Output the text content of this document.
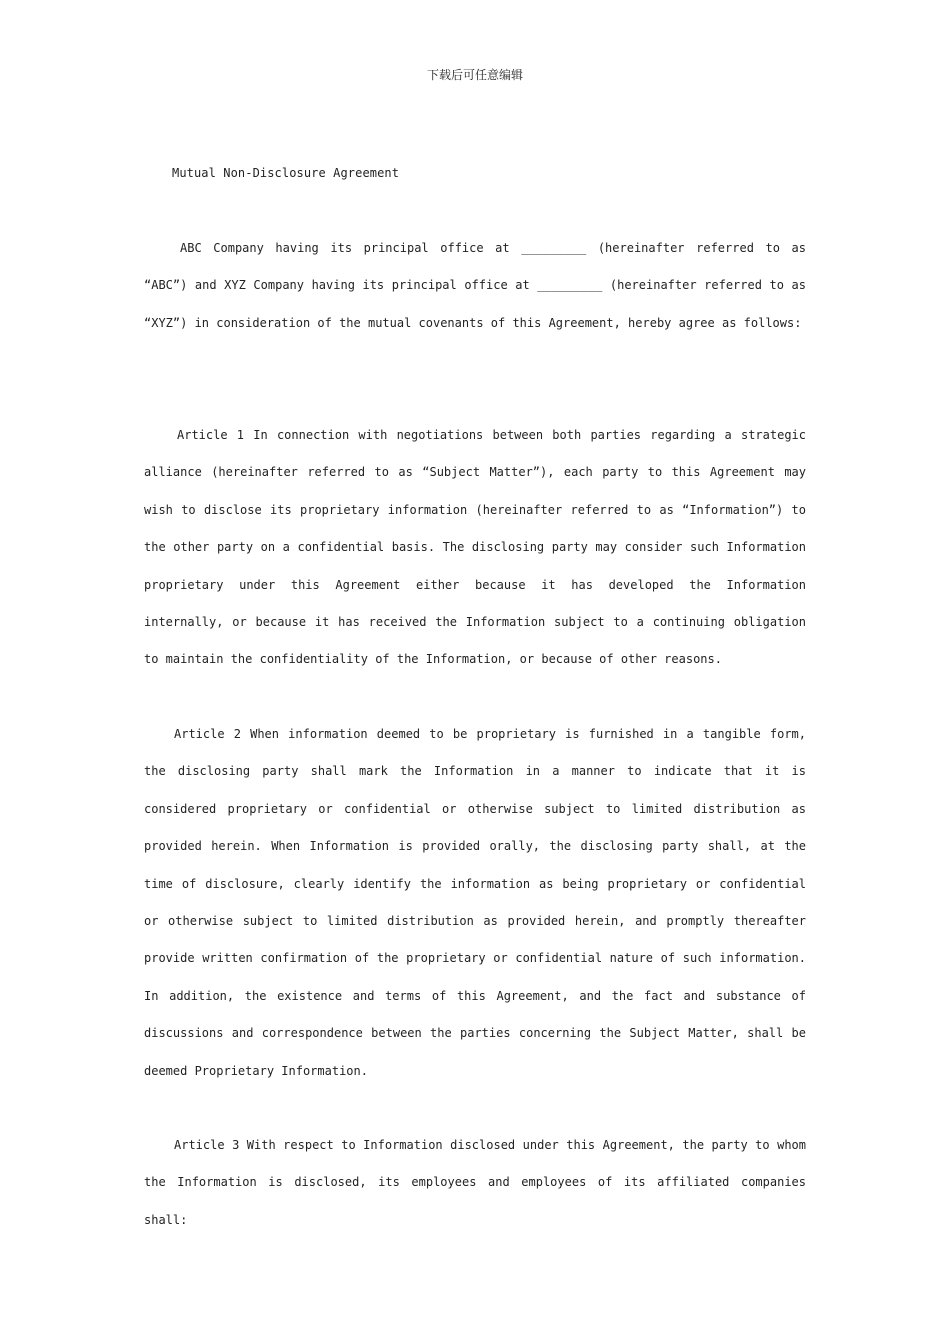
下载后可任意编辑
Mutual Non-Disclosure Agreement

ABC Company having its principal office at _________ (hereinafter referred to as “ABC”) and XYZ Company having its principal office at _________ (hereinafter referred to as “XYZ”) in consideration of the mutual covenants of this Agreement, hereby agree as follows:

Article 1 In connection with negotiations between both parties regarding a strategic alliance (hereinafter referred to as “Subject Matter”), each party to this Agreement may wish to disclose its proprietary information (hereinafter referred to as “Information”) to the other party on a confidential basis. The disclosing party may consider such Information proprietary under this Agreement either because it has developed the Information internally, or because it has received the Information subject to a continuing obligation to maintain the confidentiality of the Information, or because of other reasons.

Article 2 When information deemed to be proprietary is furnished in a tangible form, the disclosing party shall mark the Information in a manner to indicate that it is considered proprietary or confidential or otherwise subject to limited distribution as provided herein. When Information is provided orally, the disclosing party shall, at the time of disclosure, clearly identify the information as being proprietary or confidential or otherwise subject to limited distribution as provided herein, and promptly thereafter provide written confirmation of the proprietary or confidential nature of such information. In addition, the existence and terms of this Agreement, and the fact and substance of discussions and correspondence between the parties concerning the Subject Matter, shall be deemed Proprietary Information.

Article 3 With respect to Information disclosed under this Agreement, the party to whom the Information is disclosed, its employees and employees of its affiliated companies shall:
